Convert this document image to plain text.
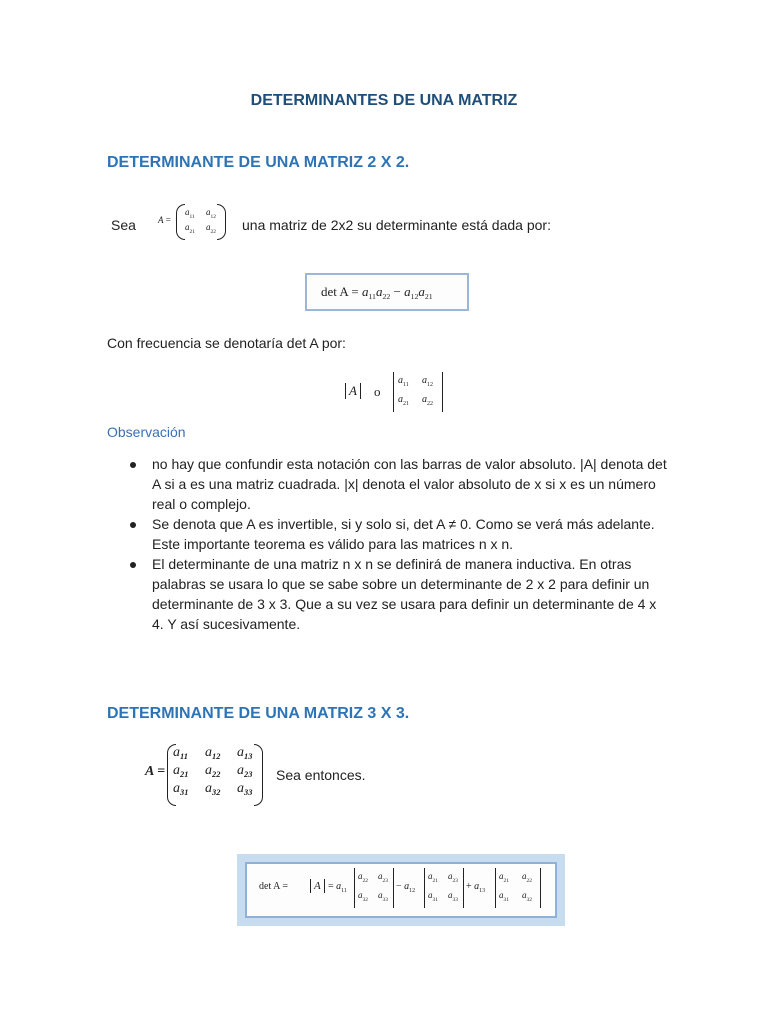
DETERMINANTES DE UNA MATRIZ
DETERMINANTE DE UNA MATRIZ 2 X 2.
Sea A =
$a_{11}$ $a_{12}$
$a_{21}$ $a_{22}$ una matriz de 2x2 su determinante está dada por:
$\det A = a_{11}a_{22} - a_{12}a_{21}$
Con frecuencia se denotaría det A por:
A	o
$a_{11}$ $a_{12}$
$a_{21}$ $a_{22}$
Observación
no hay que confundir esta notación con las barras de valor absoluto. |A| denota det A si a es una matriz cuadrada. |x| denota el valor absoluto de x si x es un número real o complejo.
Se denota que A es invertible, si y solo si, det A ≠ 0. Como se verá más adelante. Este importante teorema es válido para las matrices n x n.
El determinante de una matriz n x n se definirá de manera inductiva. En otras palabras se usara lo que se sabe sobre un determinante de 2 x 2 para definir un determinante de 3 x 3. Que a su vez se usara para definir un determinante de 4 x 4. Y así sucesivamente.
DETERMINANTE DE UNA MATRIZ 3 X 3.
A =
$a_{11}$	$a_{12}$	$a_{13}$
$a_{21}$	$a_{22}$	$a_{23}$
$a_{31}$	$a_{32}$	$a_{33}$
Sea entonces.
det A =	$A = a_{11}$
$a_{22}$ $a_{23}$
$a_{32}$ $a_{33}$
− $a_{12}$
$a_{21}$ $a_{23}$
$a_{31}$ $a_{33}$
+ $a_{13}$
$a_{21}$ $a_{22}$
$a_{31}$ $a_{32}$
